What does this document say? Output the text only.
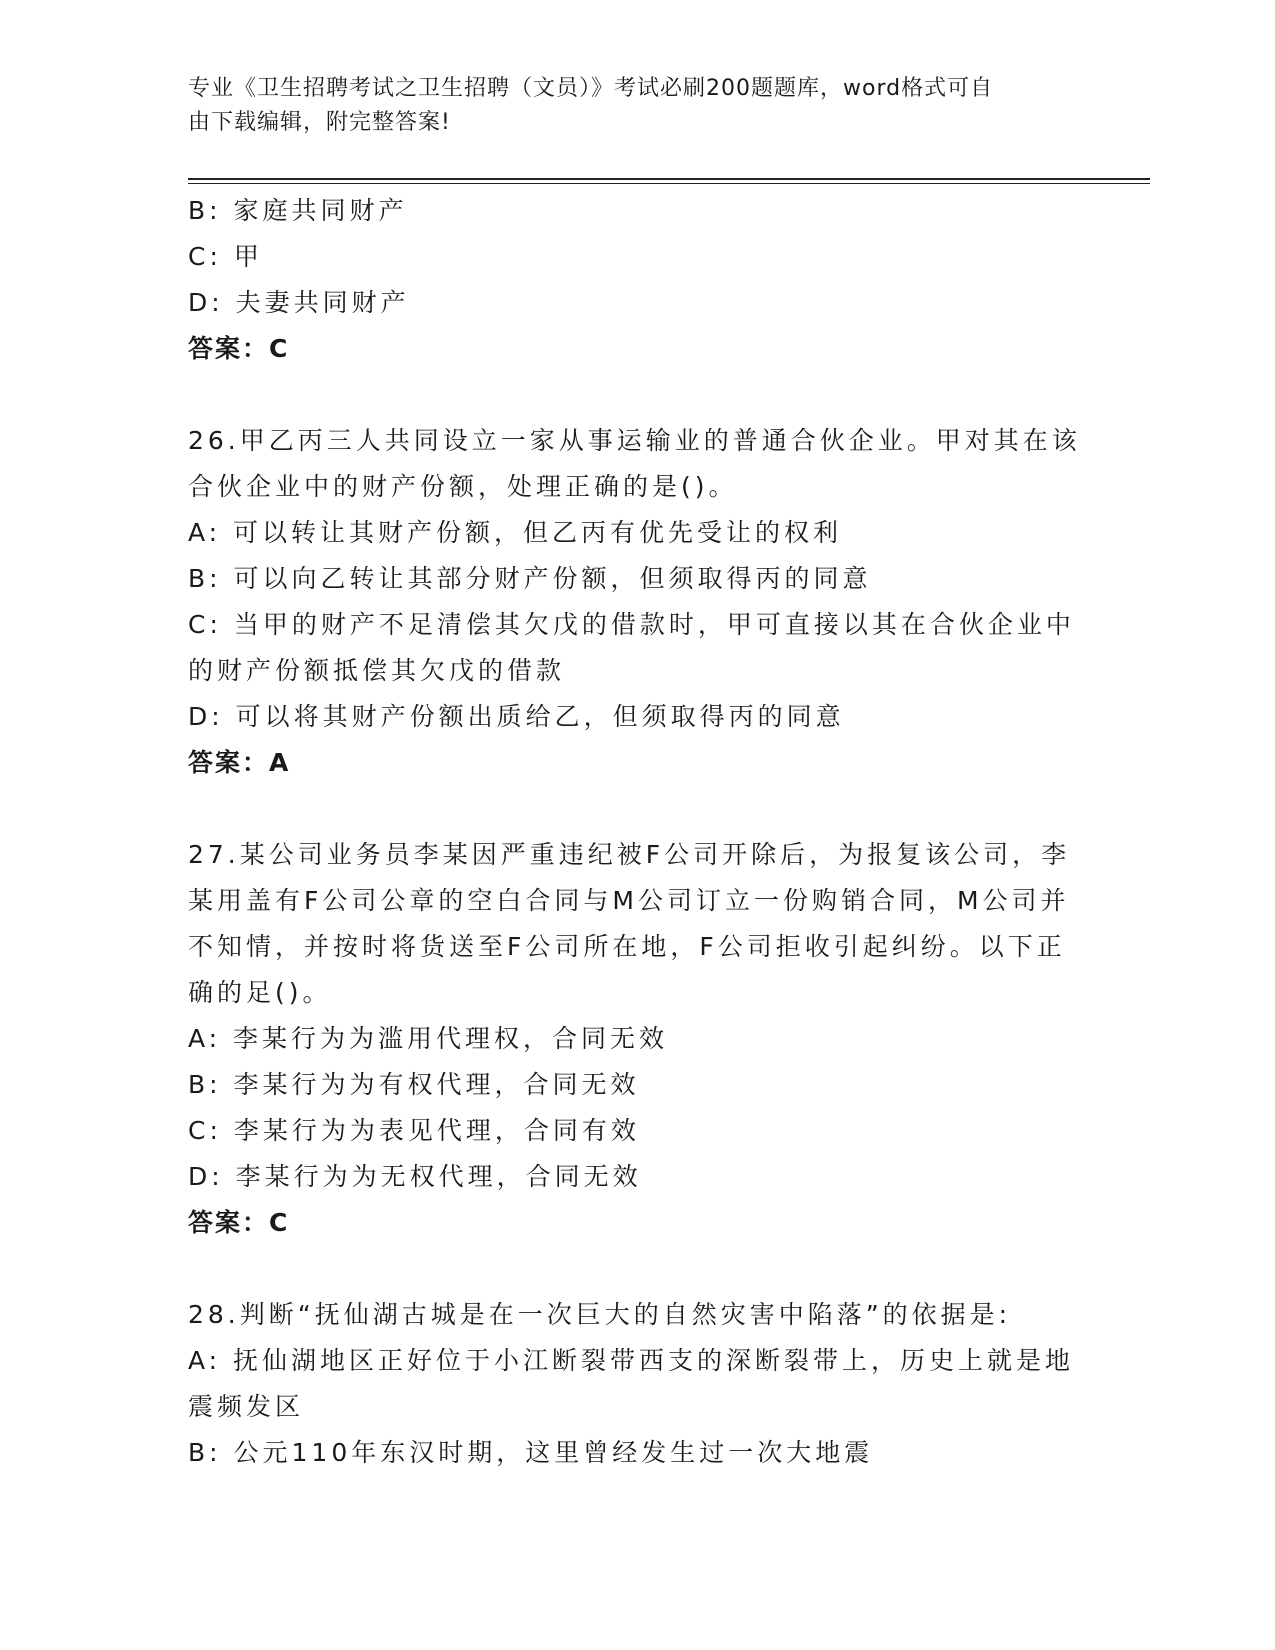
专业《卫生招聘考试之卫生招聘（文员）》考试必刷200题题库，word格式可自
由下载编辑，附完整答案!
B: 家庭共同财产
C: 甲
D: 夫妻共同财产
答案：C
26.甲乙丙三人共同设立一家从事运输业的普通合伙企业。甲对其在该
合伙企业中的财产份额，处理正确的是()。
A: 可以转让其财产份额，但乙丙有优先受让的权利
B: 可以向乙转让其部分财产份额，但须取得丙的同意
C: 当甲的财产不足清偿其欠戊的借款时，甲可直接以其在合伙企业中
的财产份额抵偿其欠戊的借款
D: 可以将其财产份额出质给乙，但须取得丙的同意
答案：A
27.某公司业务员李某因严重违纪被F公司开除后，为报复该公司，李
某用盖有F公司公章的空白合同与M公司订立一份购销合同，M公司并
不知情，并按时将货送至F公司所在地，F公司拒收引起纠纷。以下正
确的足()。
A: 李某行为为滥用代理权，合同无效
B: 李某行为为有权代理，合同无效
C: 李某行为为表见代理，合同有效
D: 李某行为为无权代理，合同无效
答案：C
28.判断“抚仙湖古城是在一次巨大的自然灾害中陷落”的依据是:
A: 抚仙湖地区正好位于小江断裂带西支的深断裂带上，历史上就是地
震频发区
B: 公元110年东汉时期，这里曾经发生过一次大地震
